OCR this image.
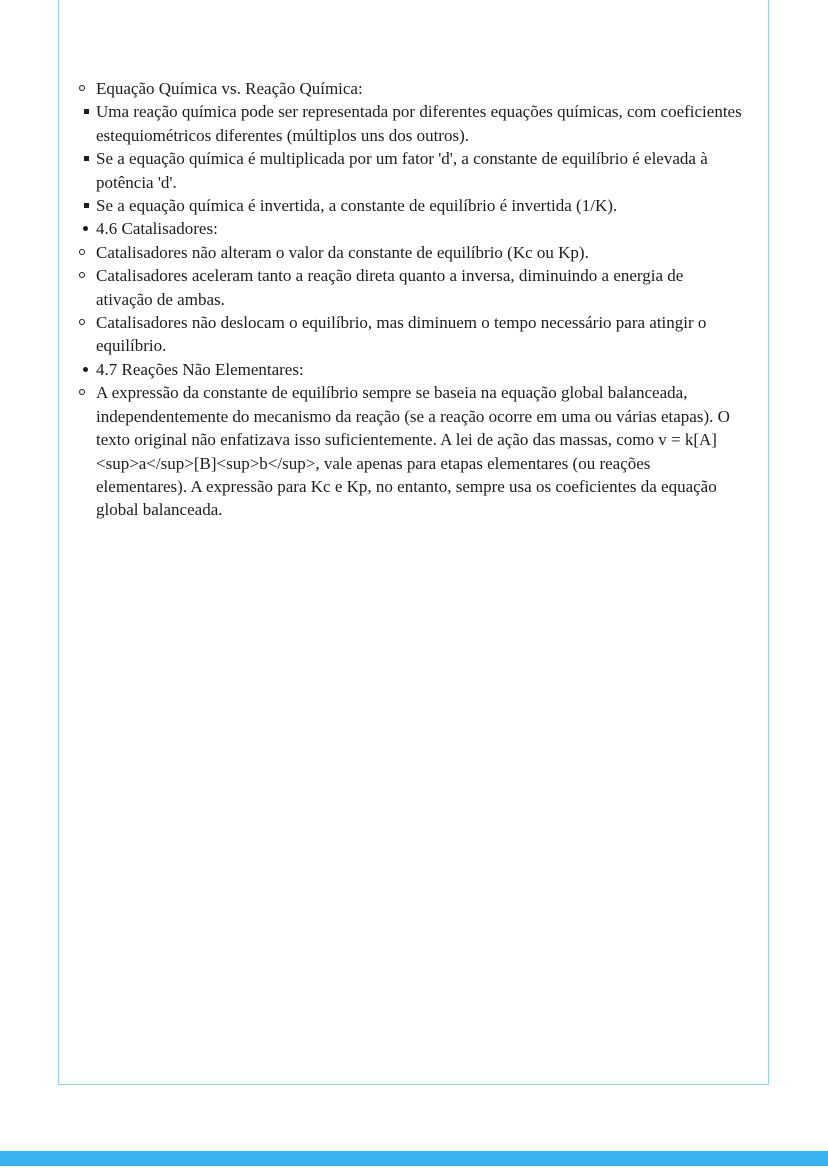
Equação Química vs. Reação Química:
Uma reação química pode ser representada por diferentes equações químicas, com coeficientes estequiométricos diferentes (múltiplos uns dos outros).
Se a equação química é multiplicada por um fator 'd', a constante de equilíbrio é elevada à potência 'd'.
Se a equação química é invertida, a constante de equilíbrio é invertida (1/K).
4.6 Catalisadores:
Catalisadores não alteram o valor da constante de equilíbrio (Kc ou Kp).
Catalisadores aceleram tanto a reação direta quanto a inversa, diminuindo a energia de ativação de ambas.
Catalisadores não deslocam o equilíbrio, mas diminuem o tempo necessário para atingir o equilíbrio.
4.7 Reações Não Elementares:
A expressão da constante de equilíbrio sempre se baseia na equação global balanceada, independentemente do mecanismo da reação (se a reação ocorre em uma ou várias etapas). O texto original não enfatizava isso suficientemente. A lei de ação das massas, como v = k[A]<sup>a</sup>[B]<sup>b</sup>, vale apenas para etapas elementares (ou reações elementares). A expressão para Kc e Kp, no entanto, sempre usa os coeficientes da equação global balanceada.
